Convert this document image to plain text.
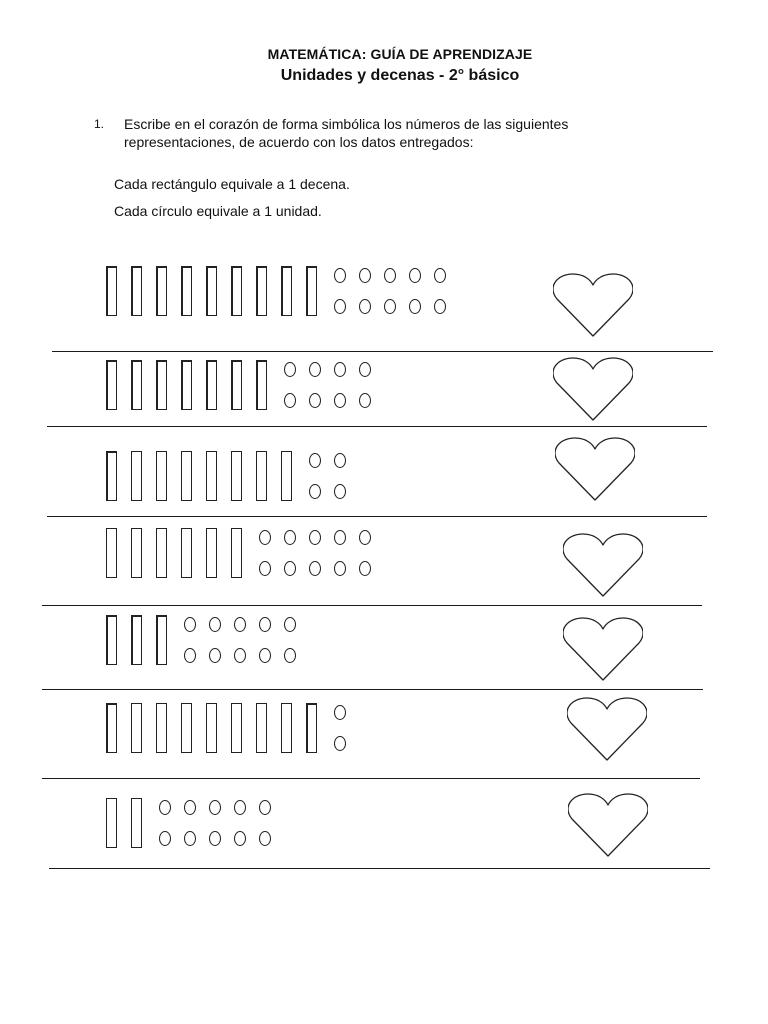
MATEMÁTICA: GUÍA DE APRENDIZAJE
Unidades y decenas - 2° básico
1. Escribe en el corazón de forma simbólica los números de las siguientes
representaciones, de acuerdo con los datos entregados:
Cada rectángulo equivale a 1 decena.
Cada círculo equivale a 1 unidad.
